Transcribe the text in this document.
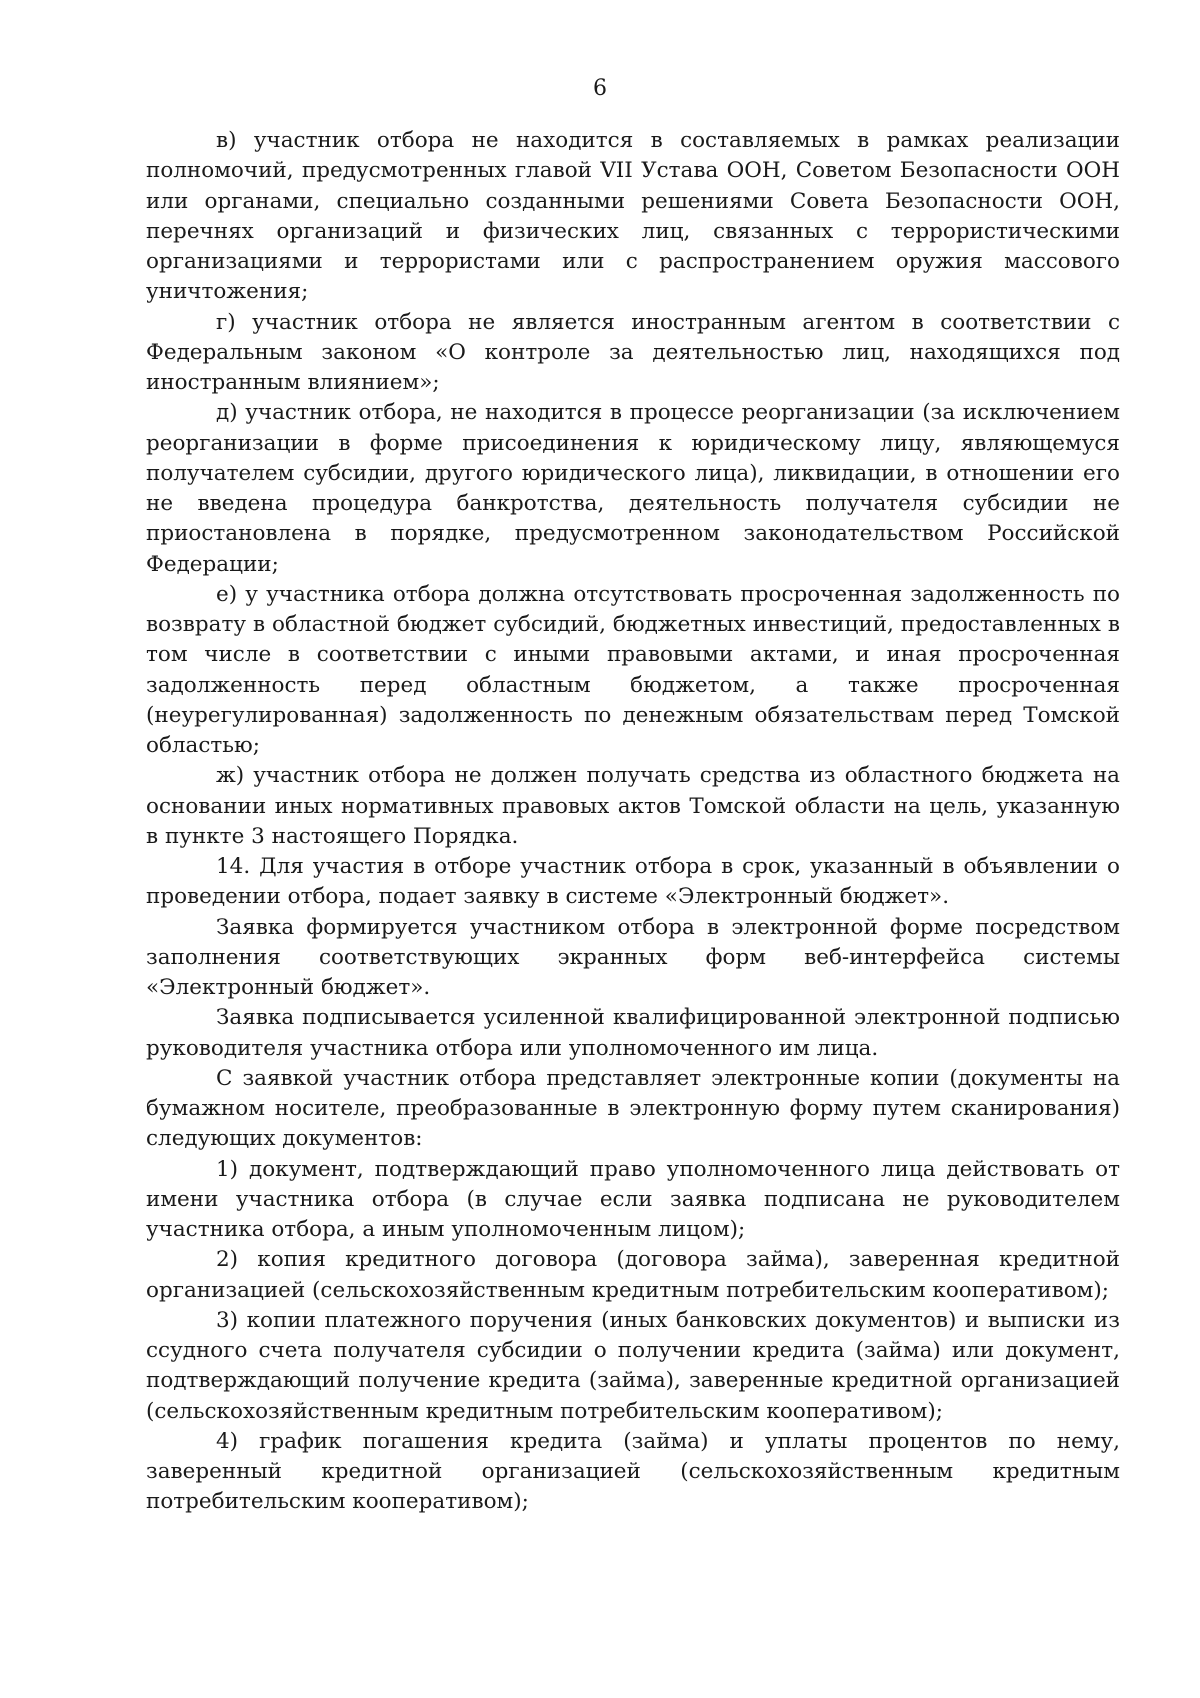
6

в) участник отбора не находится в составляемых в рамках реализации полномочий, предусмотренных главой VII Устава ООН, Советом Безопасности ООН или органами, специально созданными решениями Совета Безопасности ООН, перечнях организаций и физических лиц, связанных с террористическими организациями и террористами или с распространением оружия массового уничтожения;

г) участник отбора не является иностранным агентом в соответствии с Федеральным законом «О контроле за деятельностью лиц, находящихся под иностранным влиянием»;

д) участник отбора, не находится в процессе реорганизации (за исключением реорганизации в форме присоединения к юридическому лицу, являющемуся получателем субсидии, другого юридического лица), ликвидации, в отношении его не введена процедура банкротства, деятельность получателя субсидии не приостановлена в порядке, предусмотренном законодательством Российской Федерации;

е) у участника отбора должна отсутствовать просроченная задолженность по возврату в областной бюджет субсидий, бюджетных инвестиций, предоставленных в том числе в соответствии с иными правовыми актами, и иная просроченная задолженность перед областным бюджетом, а также просроченная (неурегулированная) задолженность по денежным обязательствам перед Томской областью;

ж) участник отбора не должен получать средства из областного бюджета на основании иных нормативных правовых актов Томской области на цель, указанную в пункте 3 настоящего Порядка.

14. Для участия в отборе участник отбора в срок, указанный в объявлении о проведении отбора, подает заявку в системе «Электронный бюджет».

Заявка формируется участником отбора в электронной форме посредством заполнения соответствующих экранных форм веб-интерфейса системы «Электронный бюджет».

Заявка подписывается усиленной квалифицированной электронной подписью руководителя участника отбора или уполномоченного им лица.

С заявкой участник отбора представляет электронные копии (документы на бумажном носителе, преобразованные в электронную форму путем сканирования) следующих документов:

1) документ, подтверждающий право уполномоченного лица действовать от имени участника отбора (в случае если заявка подписана не руководителем участника отбора, а иным уполномоченным лицом);

2) копия кредитного договора (договора займа), заверенная кредитной организацией (сельскохозяйственным кредитным потребительским кооперативом);

3) копии платежного поручения (иных банковских документов) и выписки из ссудного счета получателя субсидии о получении кредита (займа) или документ, подтверждающий получение кредита (займа), заверенные кредитной организацией (сельскохозяйственным кредитным потребительским кооперативом);

4) график погашения кредита (займа) и уплаты процентов по нему, заверенный кредитной организацией (сельскохозяйственным кредитным потребительским кооперативом);
